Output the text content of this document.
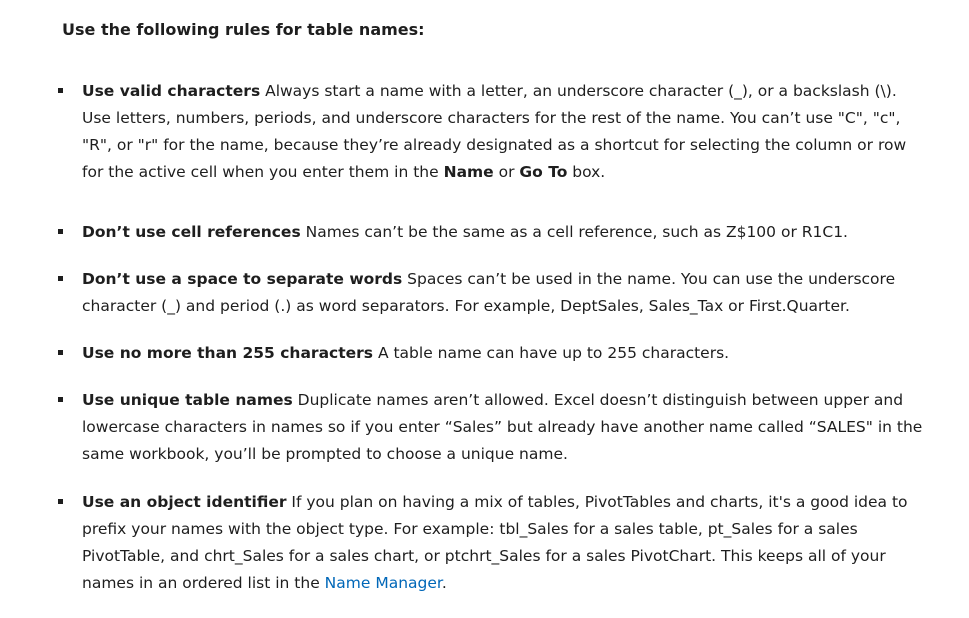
Use the following rules for table names:
Use valid characters Always start a name with a letter, an underscore character (_), or a backslash (\). Use letters, numbers, periods, and underscore characters for the rest of the name. You can’t use "C", "c", "R", or "r" for the name, because they’re already designated as a shortcut for selecting the column or row for the active cell when you enter them in the Name or Go To box.
Don’t use cell references Names can’t be the same as a cell reference, such as Z$100 or R1C1.
Don’t use a space to separate words Spaces can’t be used in the name. You can use the underscore character (_) and period (.) as word separators. For example, DeptSales, Sales_Tax or First.Quarter.
Use no more than 255 characters A table name can have up to 255 characters.
Use unique table names Duplicate names aren’t allowed. Excel doesn’t distinguish between upper and lowercase characters in names so if you enter “Sales” but already have another name called “SALES" in the same workbook, you’ll be prompted to choose a unique name.
Use an object identifier If you plan on having a mix of tables, PivotTables and charts, it's a good idea to prefix your names with the object type. For example: tbl_Sales for a sales table, pt_Sales for a sales PivotTable, and chrt_Sales for a sales chart, or ptchrt_Sales for a sales PivotChart. This keeps all of your names in an ordered list in the Name Manager.
